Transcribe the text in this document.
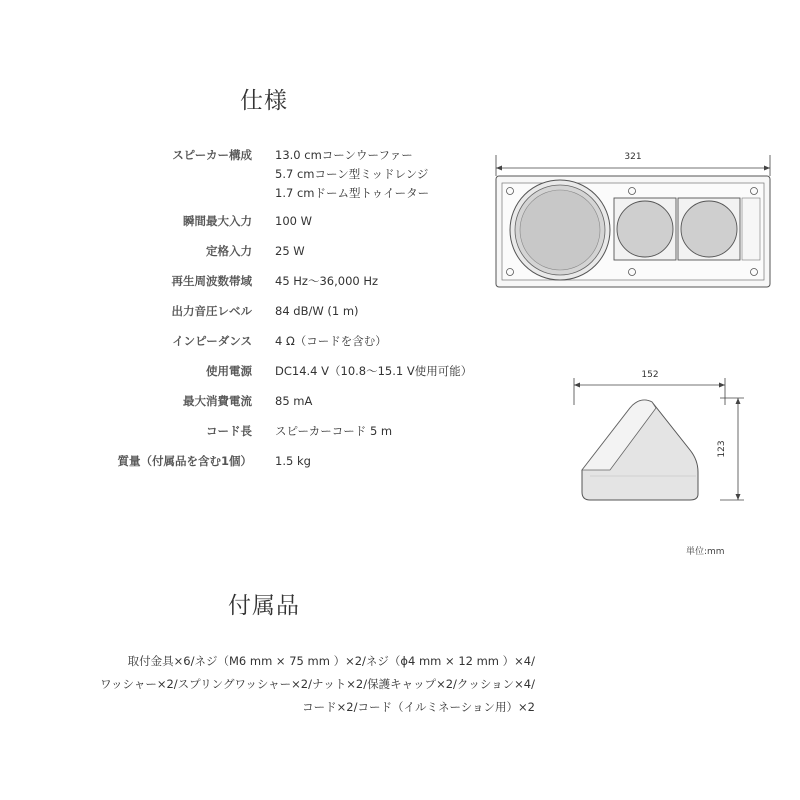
仕様
スピーカー構成 13.0 cmコーンウーファー
5.7 cmコーン型ミッドレンジ
1.7 cmドーム型トゥイーター
瞬間最大入力 100 W
定格入力 25 W
再生周波数帯域 45 Hz～36,000 Hz
出力音圧レベル 84 dB/W (1 m)
インピーダンス 4 Ω（コードを含む）
使用電源 DC14.4 V（10.8～15.1 V使用可能）
最大消費電流 85 mA
コード長 スピーカーコード 5 m
質量（付属品を含む1個） 1.5 kg
321
152
123
単位:mm
付属品
取付金具×6/ネジ（M6 mm × 75 mm ）×2/ネジ（ϕ4 mm × 12 mm ）×4/
ワッシャー×2/スプリングワッシャー×2/ナット×2/保護キャップ×2/クッション×4/
コード×2/コード（イルミネーション用）×2
